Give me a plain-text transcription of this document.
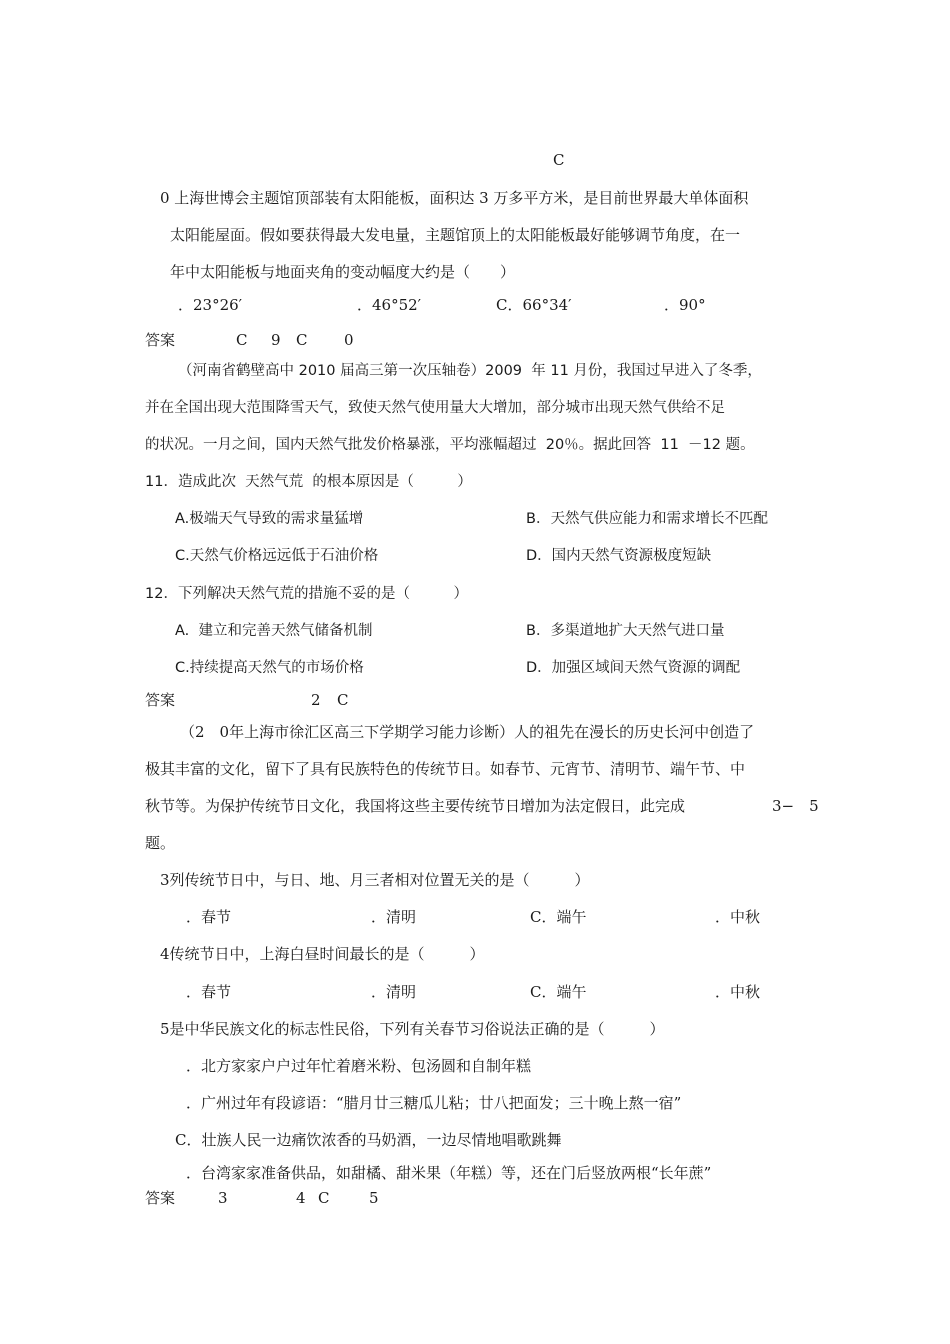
C
0 上海世博会主题馆顶部装有太阳能板，面积达 3 万多平方米，是目前世界最大单体面积
太阳能屋面。假如要获得最大发电量，主题馆顶上的太阳能板最好能够调节角度，在一
年中太阳能板与地面夹角的变动幅度大约是（　　）
．23°26′	．46°52′	C．66°34′	．90°
答案	C 9 C 0
（河南省鹤壁高中 2010 届高三第一次压轴卷）2009  年 11 月份，我国过早进入了冬季，
并在全国出现大范围降雪天气，致使天然气使用量大大增加，部分城市出现天然气供给不足
的状况。一月之间，国内天然气批发价格暴涨，平均涨幅超过  20％。据此回答  11  －12 题。
11．造成此次  天然气荒  的根本原因是（　　　）
A.极端天气导致的需求量猛增	B．天然气供应能力和需求增长不匹配
C.天然气价格远远低于石油价格	D．国内天然气资源极度短缺
12．下列解决天然气荒的措施不妥的是（　　　）
A.  建立和完善天然气储备机制	B．多渠道地扩大天然气进口量
C.持续提高天然气的市场价格	D．加强区域间天然气资源的调配
答案	2 C
（2　0年上海市徐汇区高三下学期学习能力诊断）人的祖先在漫长的历史长河中创造了
极其丰富的文化，留下了具有民族特色的传统节日。如春节、元宵节、清明节、端午节、中
秋节等。为保护传统节日文化，我国将这些主要传统节日增加为法定假日，此完成	3−　5
题。
3列传统节日中，与日、地、月三者相对位置无关的是（　　　）
．春节	．清明	C．端午	．中秋
4传统节日中，上海白昼时间最长的是（　　　）
．春节	．清明	C．端午	．中秋
5是中华民族文化的标志性民俗，下列有关春节习俗说法正确的是（　　　）
．北方家家户户过年忙着磨米粉、包汤圆和自制年糕
．广州过年有段谚语：“腊月廿三糖瓜儿粘；廿八把面发；三十晚上熬一宿”
C．壮族人民一边痛饮浓香的马奶酒，一边尽情地唱歌跳舞
．台湾家家准备供品，如甜橘、甜米果（年糕）等，还在门后竖放两根“长年蔗”
答案	3	4 C	5
